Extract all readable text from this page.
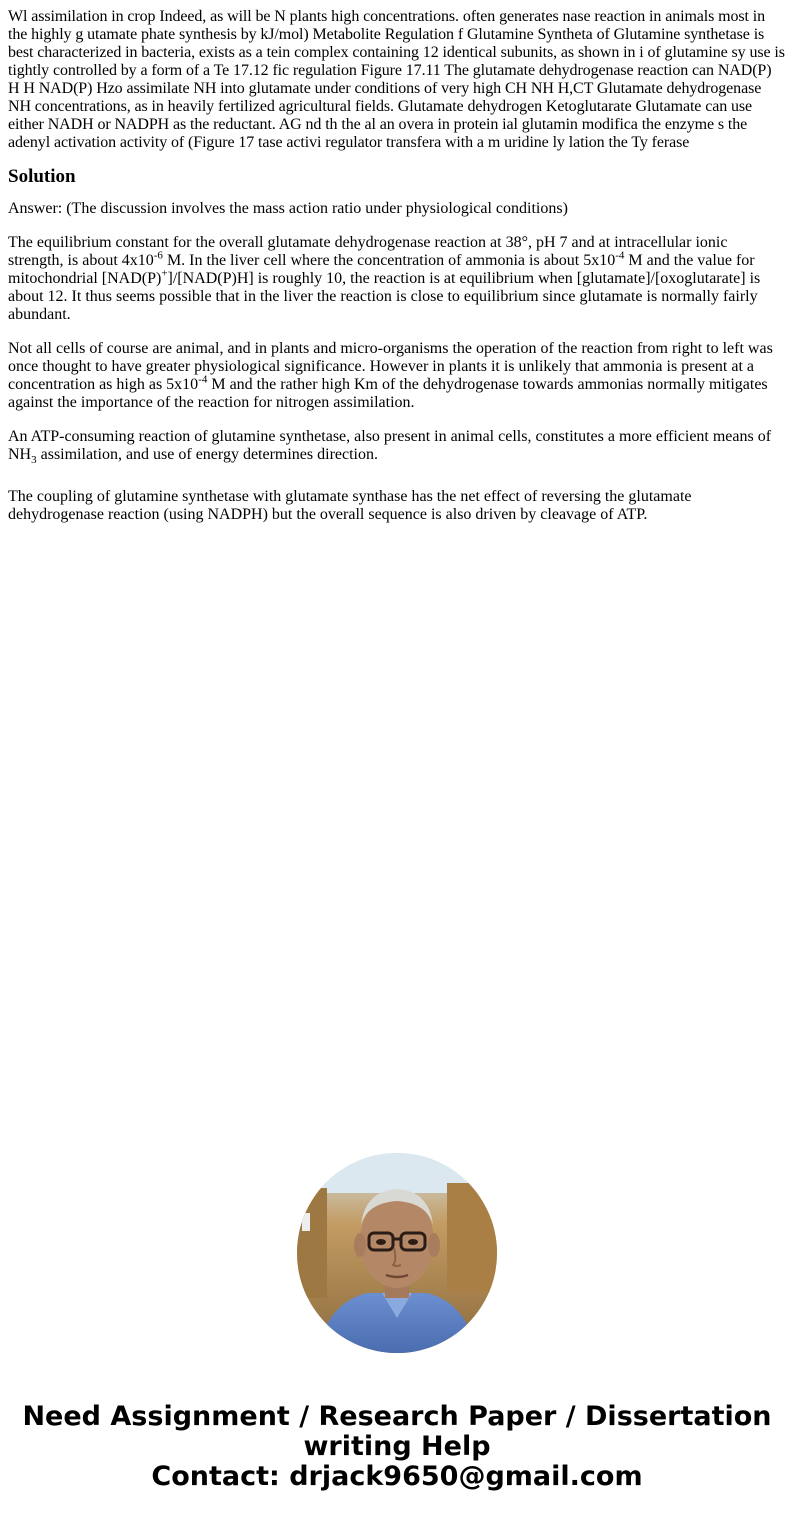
Wl assimilation in crop Indeed, as will be N plants high concentrations. often generates nase reaction in animals most in the highly g utamate phate synthesis by kJ/mol) Metabolite Regulation f Glutamine Syntheta of Glutamine synthetase is best characterized in bacteria, exists as a tein complex containing 12 identical subunits, as shown in i of glutamine sy use is tightly controlled by a form of a Te 17.12 fic regulation Figure 17.11 The glutamate dehydrogenase reaction can NAD(P) H H NAD(P) Hzo assimilate NH into glutamate under conditions of very high CH NH H,CT Glutamate dehydrogenase NH concentrations, as in heavily fertilized agricultural fields. Glutamate dehydrogen Ketoglutarate Glutamate can use either NADH or NADPH as the reductant. AG nd th the al an overa in protein ial glutamin modifica the enzyme s the adenyl activation activity of (Figure 17 tase activi regulator transfera with a m uridine ly lation the Ty ferase
Solution

Answer: (The discussion involves the mass action ratio under physiological conditions)

The equilibrium constant for the overall glutamate dehydrogenase reaction at 38°, pH 7 and at intracellular ionic strength, is about $4x10^{-6}$ M. In the liver cell where the concentration of ammonia is about $5x10^{-4}$ M and the value for mitochondrial [NAD(P)+]/[NAD(P)H] is roughly 10, the reaction is at equilibrium when [glutamate]/[oxoglutarate] is about 12. It thus seems possible that in the liver the reaction is close to equilibrium since glutamate is normally fairly abundant.

Not all cells of course are animal, and in plants and micro-organisms the operation of the reaction from right to left was once thought to have greater physiological significance. However in plants it is unlikely that ammonia is present at a concentration as high as $5x10^{-4}$ M and the rather high Km of the dehydrogenase towards ammonias normally mitigates against the importance of the reaction for nitrogen assimilation.

An ATP-consuming reaction of glutamine synthetase, also present in animal cells, constitutes a more efficient means of $NH_3$ assimilation, and use of energy determines direction.

The coupling of glutamine synthetase with glutamate synthase has the net effect of reversing the glutamate dehydrogenase reaction (using NADPH) but the overall sequence is also driven by cleavage of ATP.

Need Assignment / Research Paper / Dissertation
writing Help
Contact: drjack9650@gmail.com
